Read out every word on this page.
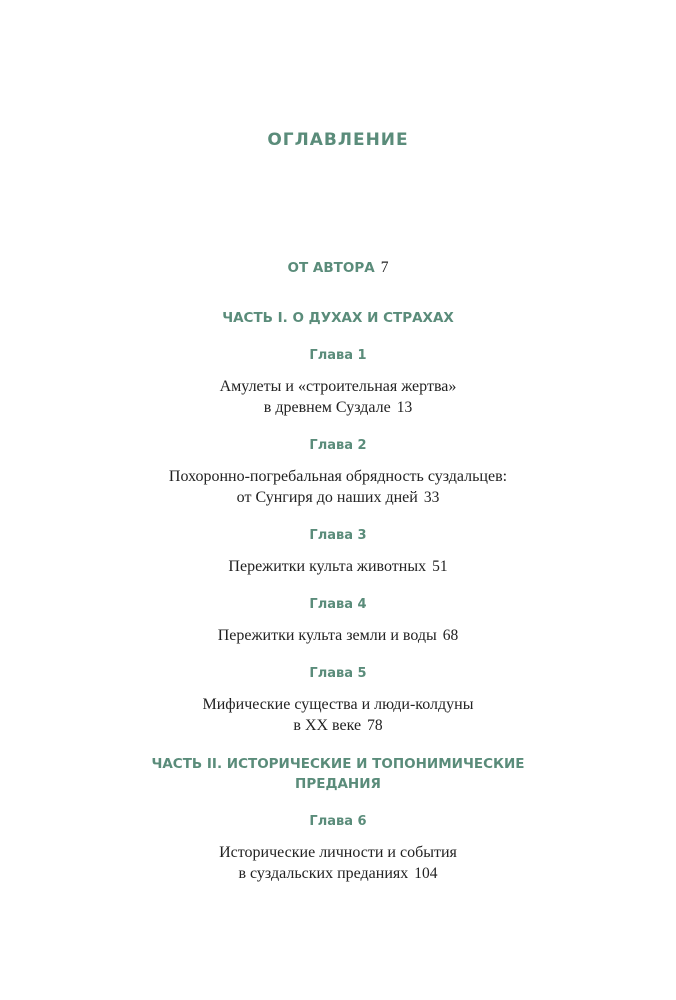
ОГЛАВЛЕНИЕ
ОТ АВТОРА 7
ЧАСТЬ I. О ДУХАХ И СТРАХАХ
Глава 1
Амулеты и «строительная жертва»
в древнем Суздале 13
Глава 2
Похоронно-погребальная обрядность суздальцев:
от Сунгиря до наших дней 33
Глава 3
Пережитки культа животных 51
Глава 4
Пережитки культа земли и воды 68
Глава 5
Мифические существа и люди-колдуны
в XX веке 78
ЧАСТЬ II. ИСТОРИЧЕСКИЕ И ТОПОНИМИЧЕСКИЕ
ПРЕДАНИЯ
Глава 6
Исторические личности и события
в суздальских преданиях 104
